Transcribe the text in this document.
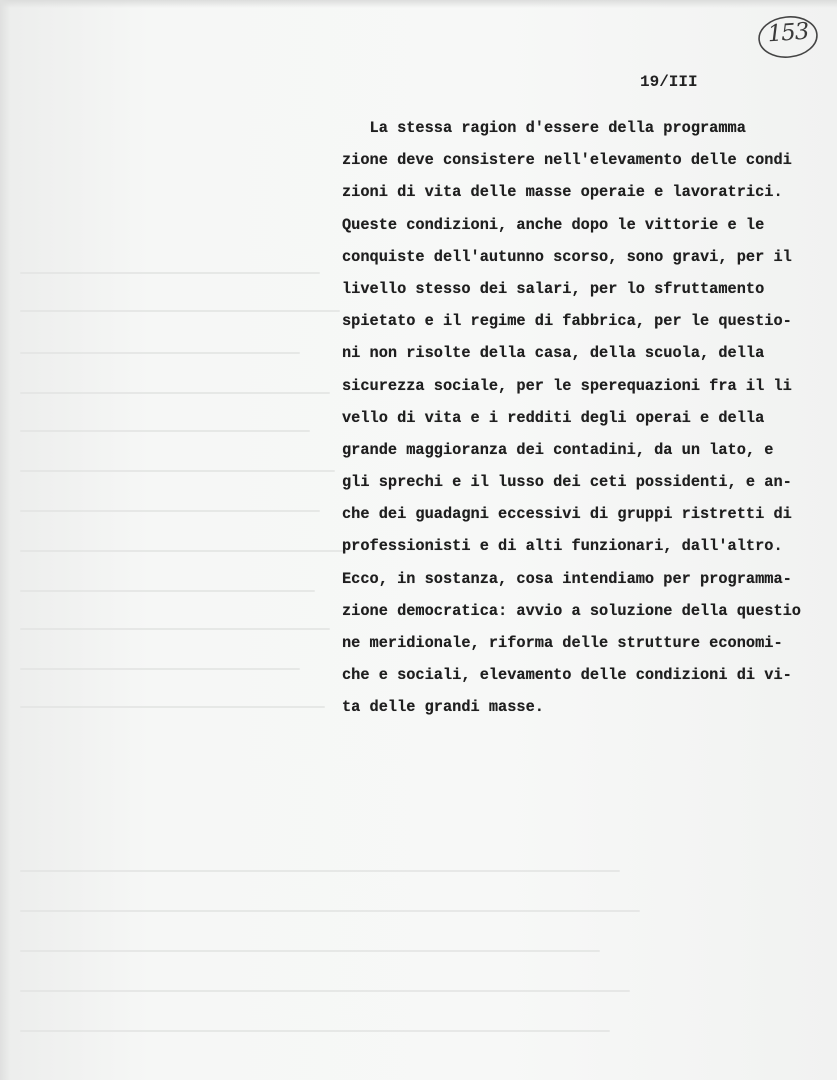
153
19/III
La stessa ragion d'essere della programma
zione deve consistere nell'elevamento delle condi
zioni di vita delle masse operaie e lavoratrici.
Queste condizioni, anche dopo le vittorie e le
conquiste dell'autunno scorso, sono gravi, per il
livello stesso dei salari, per lo sfruttamento
spietato e il regime di fabbrica, per le questio-
ni non risolte della casa, della scuola, della
sicurezza sociale, per le sperequazioni fra il li
vello di vita e i redditi degli operai e della
grande maggioranza dei contadini, da un lato, e
gli sprechi e il lusso dei ceti possidenti, e an-
che dei guadagni eccessivi di gruppi ristretti di
professionisti e di alti funzionari, dall'altro.
Ecco, in sostanza, cosa intendiamo per programma-
zione democratica: avvio a soluzione della questio
ne meridionale, riforma delle strutture economi-
che e sociali, elevamento delle condizioni di vi-
ta delle grandi masse.
